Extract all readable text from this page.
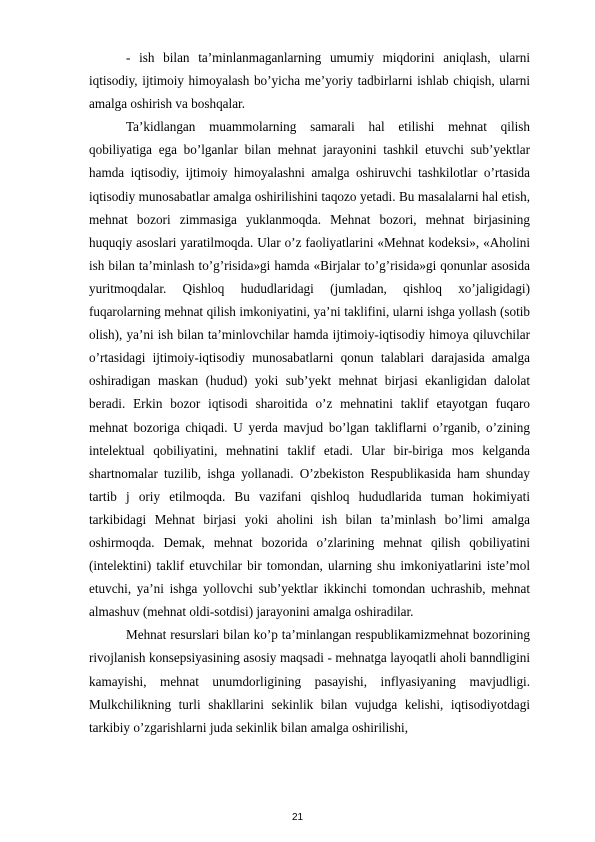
- ish bilan ta’minlanmaganlarning umumiy miqdorini aniqlash, ularni iqtisodiy, ijtimoiy himoyalash bo’yicha me’yoriy tadbirlarni ishlab chiqish, ularni amalga oshirish va boshqalar.

Ta’kidlangan muammolarning samarali hal etilishi mehnat qilish qobiliyatiga ega bo’lganlar bilan mehnat jarayonini tashkil etuvchi sub’yektlar hamda iqtisodiy, ijtimoiy himoyalashni amalga oshiruvchi tashkilotlar o’rtasida iqtisodiy munosabatlar amalga oshirilishini taqozo yetadi. Bu masalalarni hal etish, mehnat bozori zimmasiga yuklanmoqda. Mehnat bozori, mehnat birjasining huquqiy asoslari yaratilmoqda. Ular o’z faoliyatlarini «Mehnat kodeksi», «Aholini ish bilan ta’minlash to’g’risida»gi hamda «Birjalar to’g’risida»gi qonunlar asosida yuritmoqdalar. Qishloq hududlaridagi (jumladan, qishloq xo’jaligidagi) fuqarolarning mehnat qilish imkoniyatini, ya’ni taklifini, ularni ishga yollash (sotib olish), ya’ni ish bilan ta’minlovchilar hamda ijtimoiy-iqtisodiy himoya qiluvchilar o’rtasidagi ijtimoiy-iqtisodiy munosabatlarni qonun talablari darajasida amalga oshiradigan maskan (hudud) yoki sub’yekt mehnat birjasi ekanligidan dalolat beradi. Erkin bozor iqtisodi sharoitida o’z mehnatini taklif etayotgan fuqaro mehnat bozoriga chiqadi. U yerda mavjud bo’lgan takliflarni o’rganib, o’zining intelektual qobiliyatini, mehnatini taklif etadi. Ular bir-biriga mos kelganda shartnomalar tuzilib, ishga yollanadi. O’zbekiston Respublikasida ham shunday tartib j oriy etilmoqda. Bu vazifani qishloq hududlarida tuman hokimiyati tarkibidagi Mehnat birjasi yoki aholini ish bilan ta’minlash bo’limi amalga oshirmoqda. Demak, mehnat bozorida o’zlarining mehnat qilish qobiliyatini (intelektini) taklif etuvchilar bir tomondan, ularning shu imkoniyatlarini iste’mol etuvchi, ya’ni ishga yollovchi sub’yektlar ikkinchi tomondan uchrashib, mehnat almashuv (mehnat oldi-sotdisi) jarayonini amalga oshiradilar.

Mehnat resurslari bilan ko’p ta’minlangan respublikamizmehnat bozorining rivojlanish konsepsiyasining asosiy maqsadi - mehnatga layoqatli aholi banndligini kamayishi, mehnat unumdorligining pasayishi, inflyasiyaning mavjudligi. Mulkchilikning turli shakllarini sekinlik bilan vujudga kelishi, iqtisodiyotdagi tarkibiy o’zgarishlarni juda sekinlik bilan amalga oshirilishi,

21
